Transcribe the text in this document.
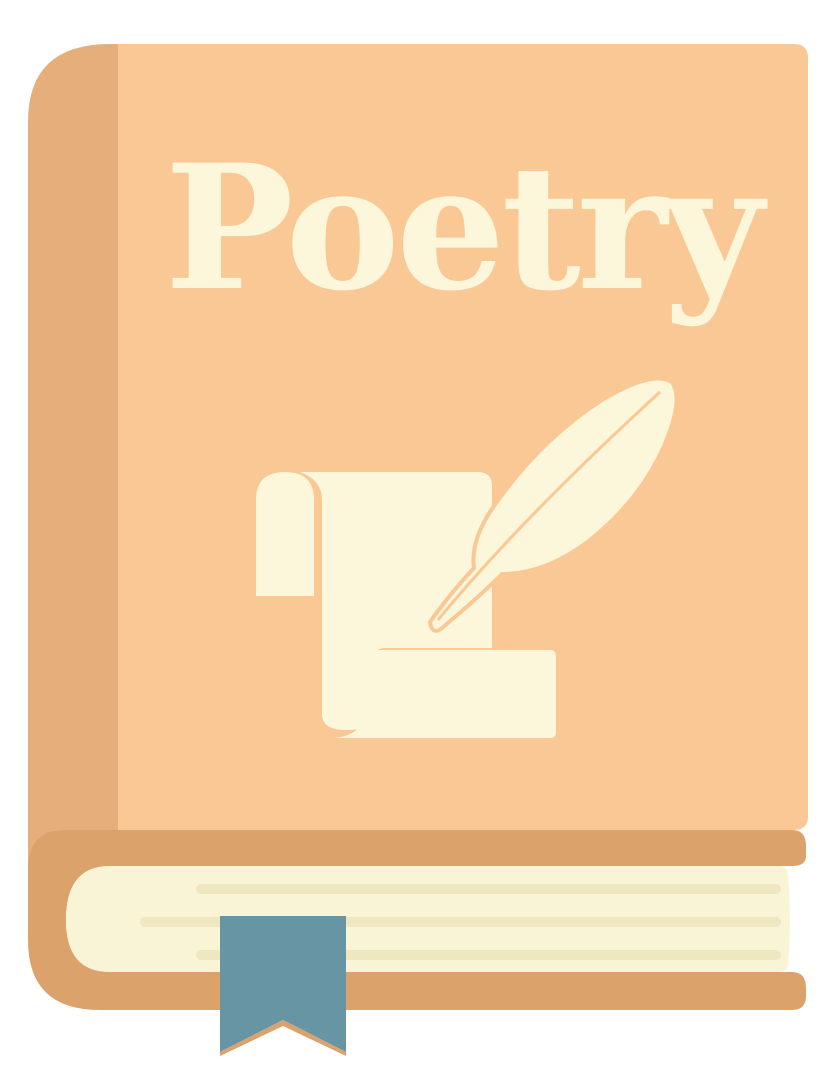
Poetry
